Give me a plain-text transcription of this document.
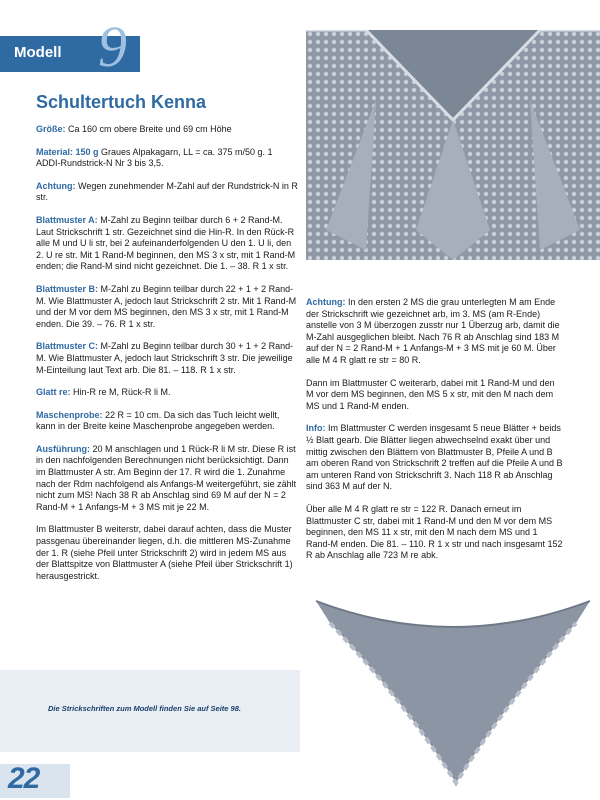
Modell 9
Schultertuch Kenna

Größe: Ca 160 cm obere Breite und 69 cm Höhe

Material: 150 g Graues Alpakagarn, LL = ca. 375 m/50 g. 1 ADDI-Rundstrick-N Nr 3 bis 3,5.

Achtung: Wegen zunehmender M-Zahl auf der Rundstrick-N in R str.

Blattmuster A: M-Zahl zu Beginn teilbar durch 6 + 2 Rand-M. Laut Strickschrift 1 str. Gezeichnet sind die Hin-R. In den Rück-R alle M und U li str, bei 2 aufeinanderfolgenden U den 1. U li, den 2. U re str. Mit 1 Rand-M beginnen, den MS 3 x str, mit 1 Rand-M enden; die Rand-M sind nicht gezeichnet. Die 1. – 38. R 1 x str.

Blattmuster B: M-Zahl zu Beginn teilbar durch 22 + 1 + 2 Rand-M. Wie Blattmuster A, jedoch laut Strickschrift 2 str. Mit 1 Rand-M und der M vor dem MS beginnen, den MS 3 x str, mit 1 Rand-M enden. Die 39. – 76. R 1 x str.

Blattmuster C: M-Zahl zu Beginn teilbar durch 30 + 1 + 2 Rand-M. Wie Blattmuster A, jedoch laut Strickschrift 3 str. Die jeweilige M-Einteilung laut Text arb. Die 81. – 118. R 1 x str.

Glatt re: Hin-R re M, Rück-R li M.

Maschenprobe: 22 R = 10 cm. Da sich das Tuch leicht wellt, kann in der Breite keine Maschenprobe angegeben werden.

Ausführung: 20 M anschlagen und 1 Rück-R li M str. Diese R ist in den nachfolgenden Berechnungen nicht berücksichtigt. Dann im Blattmuster A str. Am Beginn der 17. R wird die 1. Zunahme nach der Rdm nachfolgend als Anfangs-M weitergeführt, sie zählt nicht zum MS! Nach 38 R ab Anschlag sind 69 M auf der N = 2 Rand-M + 1 Anfangs-M + 3 MS mit je 22 M.

Im Blattmuster B weiterstr, dabei darauf achten, dass die Muster passgenau übereinander liegen, d.h. die mittleren MS-Zunahme der 1. R (siehe Pfeil unter Strickschrift 2) wird in jedem MS aus der Blattspitze von Blattmuster A (siehe Pfeil über Strickschrift 1) herausgestrickt.

Achtung: In den ersten 2 MS die grau unterlegten M am Ende der Strickschrift wie gezeichnet arb, im 3. MS (am R-Ende) anstelle von 3 M überzogen zusstr nur 1 Überzug arb, damit die M-Zahl ausgeglichen bleibt. Nach 76 R ab Anschlag sind 183 M auf der N = 2 Rand-M + 1 Anfangs-M + 3 MS mit je 60 M. Über alle M 4 R glatt re str = 80 R.

Dann im Blattmuster C weiterarb, dabei mit 1 Rand-M und den M vor dem MS beginnen, den MS 5 x str, mit den M nach dem MS und 1 Rand-M enden.

Info: Im Blattmuster C werden insgesamt 5 neue Blätter + beids ½ Blatt gearb. Die Blätter liegen abwechselnd exakt über und mittig zwischen den Blättern von Blattmuster B, Pfeile A und B am oberen Rand von Strickschrift 2 treffen auf die Pfeile A und B am unteren Rand von Strickschrift 3. Nach 118 R ab Anschlag sind 363 M auf der N.

Über alle M 4 R glatt re str = 122 R. Danach erneut im Blattmuster C str, dabei mit 1 Rand-M und den M vor dem MS beginnen, den MS 11 x str, mit den M nach dem MS und 1 Rand-M enden. Die 81. – 110. R 1 x str und nach insgesamt 152 R ab Anschlag alle 723 M re abk.

Die Strickschriften zum Modell finden Sie auf Seite 98.
22	PassionForum.ru
